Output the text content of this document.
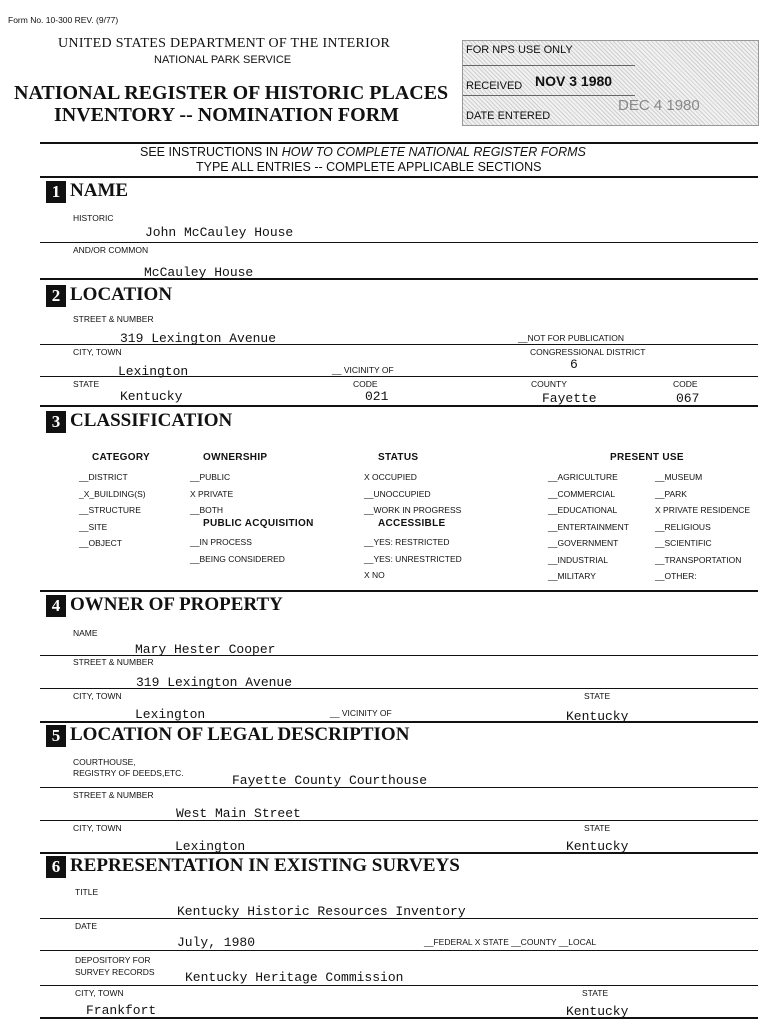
Form No. 10-300 REV. (9/77)
UNITED STATES DEPARTMENT OF THE INTERIOR
NATIONAL PARK SERVICE
NATIONAL REGISTER OF HISTORIC PLACES
INVENTORY -- NOMINATION FORM
FOR NPS USE ONLY
RECEIVED NOV 3 1980
DATE ENTERED
DEC 4 1980
SEE INSTRUCTIONS IN HOW TO COMPLETE NATIONAL REGISTER FORMS
TYPE ALL ENTRIES -- COMPLETE APPLICABLE SECTIONS
1 NAME
HISTORIC
John McCauley House
AND/OR COMMON
McCauley House
2 LOCATION
STREET & NUMBER
319 Lexington Avenue	__NOT FOR PUBLICATION
CITY, TOWN	CONGRESSIONAL DISTRICT
6
Lexington	__ VICINITY OF
STATE	CODE	COUNTY	CODE
Kentucky	021	Fayette	067
3 CLASSIFICATION
CATEGORY
__DISTRICT
_X_BUILDING(S)
__STRUCTURE
__SITE
__OBJECT
OWNERSHIP
__PUBLIC
X PRIVATE
__BOTH
PUBLIC ACQUISITION
__IN PROCESS
__BEING CONSIDERED
STATUS
X OCCUPIED
__UNOCCUPIED
__WORK IN PROGRESS
ACCESSIBLE
__YES: RESTRICTED
__YES: UNRESTRICTED
X NO
PRESENT USE
__AGRICULTURE
__COMMERCIAL
__EDUCATIONAL
__ENTERTAINMENT
__GOVERNMENT
__INDUSTRIAL
__MILITARY
__MUSEUM
__PARK
X PRIVATE RESIDENCE
__RELIGIOUS
__SCIENTIFIC
__TRANSPORTATION
__OTHER:
4 OWNER OF PROPERTY
NAME
Mary Hester Cooper
STREET & NUMBER
319 Lexington Avenue
CITY, TOWN	STATE
Lexington	__ VICINITY OF	Kentucky
5 LOCATION OF LEGAL DESCRIPTION
COURTHOUSE,
REGISTRY OF DEEDS,ETC.	Fayette County Courthouse
STREET & NUMBER
West Main Street
CITY, TOWN	STATE
Lexington	Kentucky
6 REPRESENTATION IN EXISTING SURVEYS
TITLE
Kentucky Historic Resources Inventory
DATE
July, 1980	__FEDERAL X STATE __COUNTY __LOCAL
DEPOSITORY FOR
SURVEY RECORDS Kentucky Heritage Commission
CITY, TOWN	STATE
Frankfort	Kentucky
